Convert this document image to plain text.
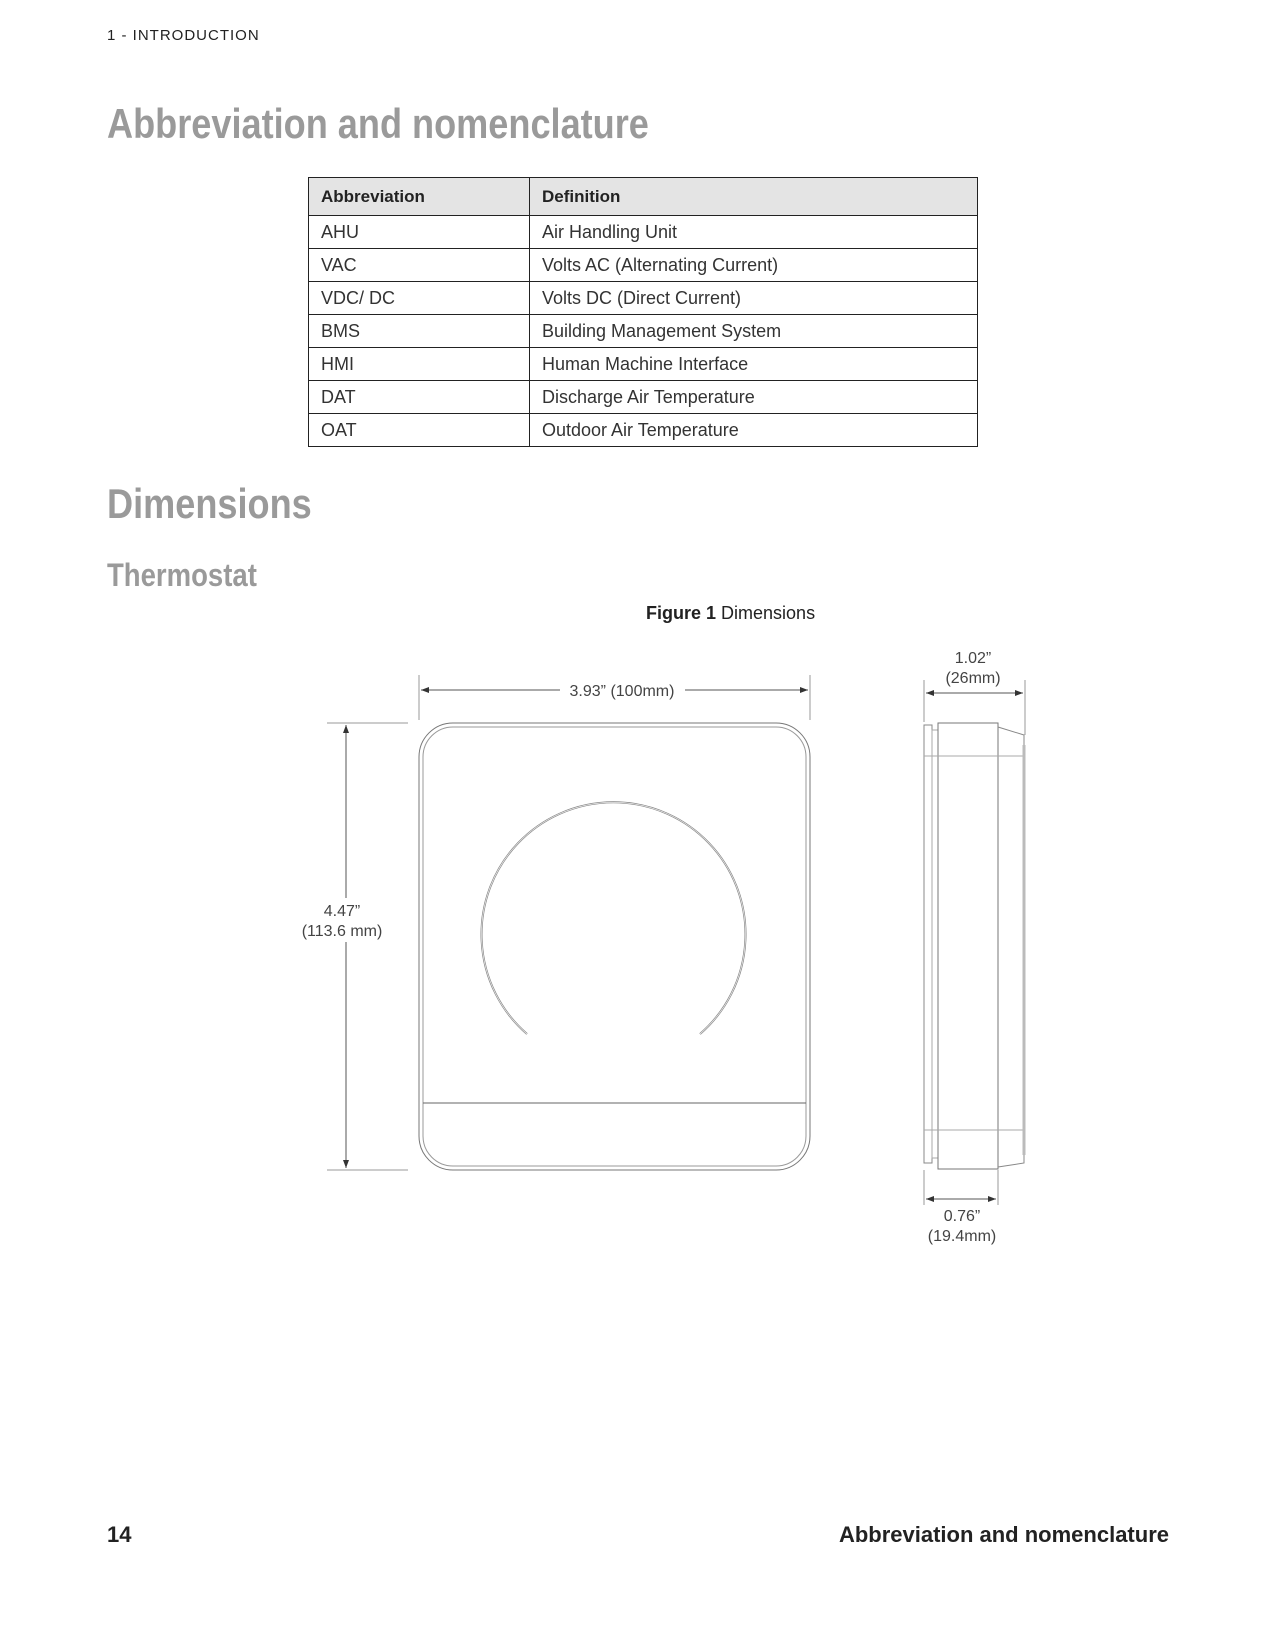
1 - INTRODUCTION
Abbreviation and nomenclature
Abbreviation	Definition
AHU	Air Handling Unit
VAC	Volts AC (Alternating Current)
VDC/ DC	Volts DC (Direct Current)
BMS	Building Management System
HMI	Human Machine Interface
DAT	Discharge Air Temperature
OAT	Outdoor Air Temperature
Dimensions
Thermostat
Figure 1 Dimensions
3.93” (100mm)
4.47”
(113.6 mm)
1.02”
(26mm)
0.76”
(19.4mm)
14	Abbreviation and nomenclature
